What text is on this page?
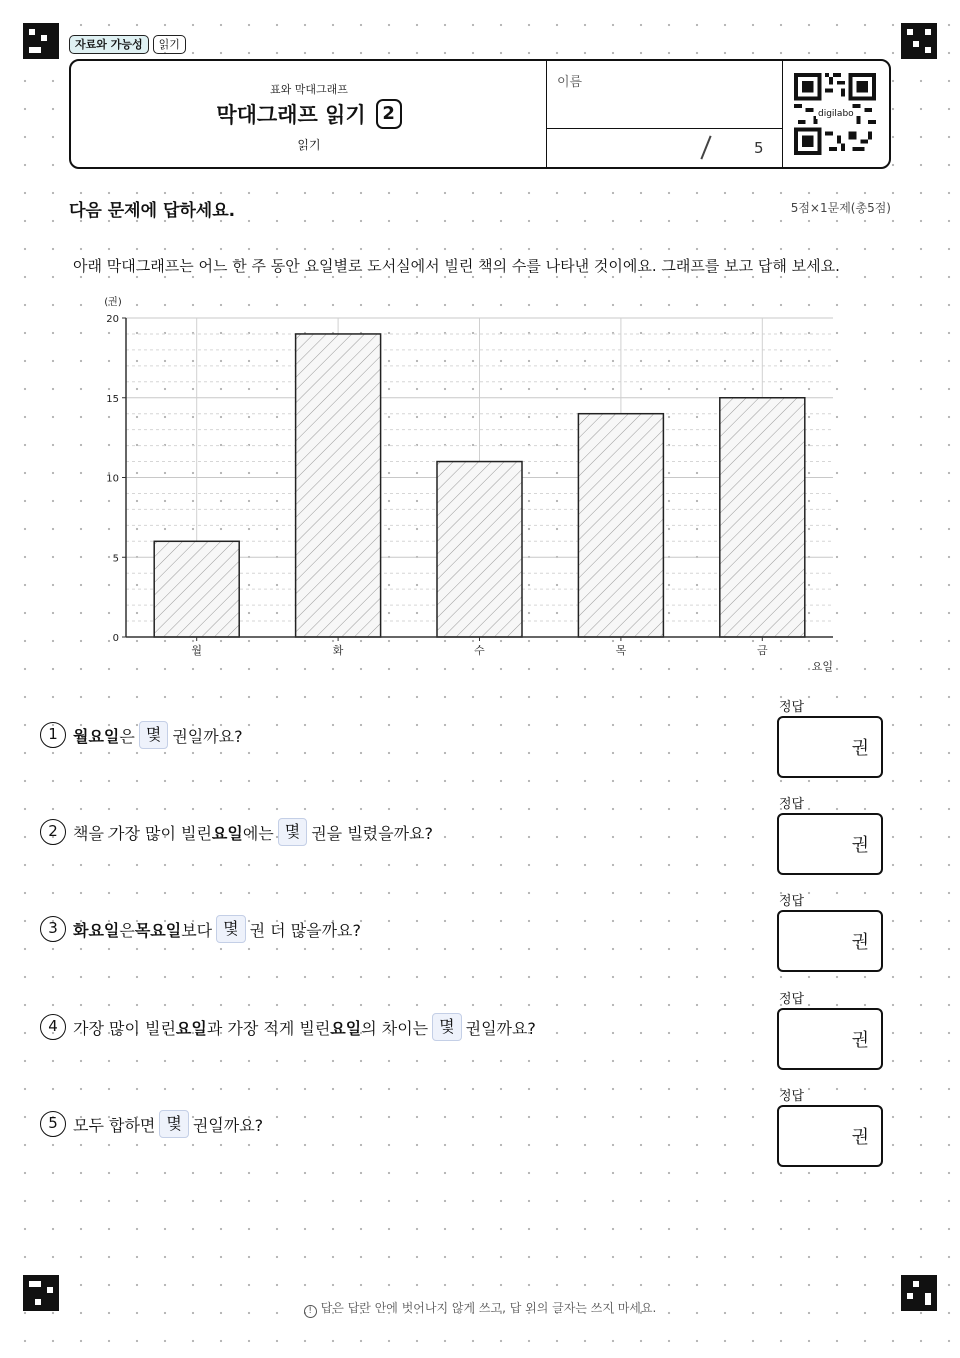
자료와 가능성	읽기
표와 막대그래프
막대그래프 읽기 2
읽기
이름
5
digilabo
다음 문제에 답하세요.	5점×1문제(총5점)
아래 막대그래프는 어느 한 주 동안 요일별로 도서실에서 빌린 책의 수를 나타낸 것이에요. 그래프를 보고 답해 보세요.
0
5
10
15
20
월	화	수	목	금
(권)
요일
1 월요일 은 몇 권일까요?
2 책을 가장 많이 빌린 요일 에는 몇 권을 빌렸을까요?
3 화요일 은 목요일 보다 몇 권 더 많을까요?
4 가장 많이 빌린 요일 과 가장 적게 빌린 요일 의 차이는 몇 권일까요?
5 모두 합하면 몇 권일까요?
정답
권
정답
권
정답
권
정답
권
정답
권
! 답은 답란 안에 벗어나지 않게 쓰고, 답 외의 글자는 쓰지 마세요.
